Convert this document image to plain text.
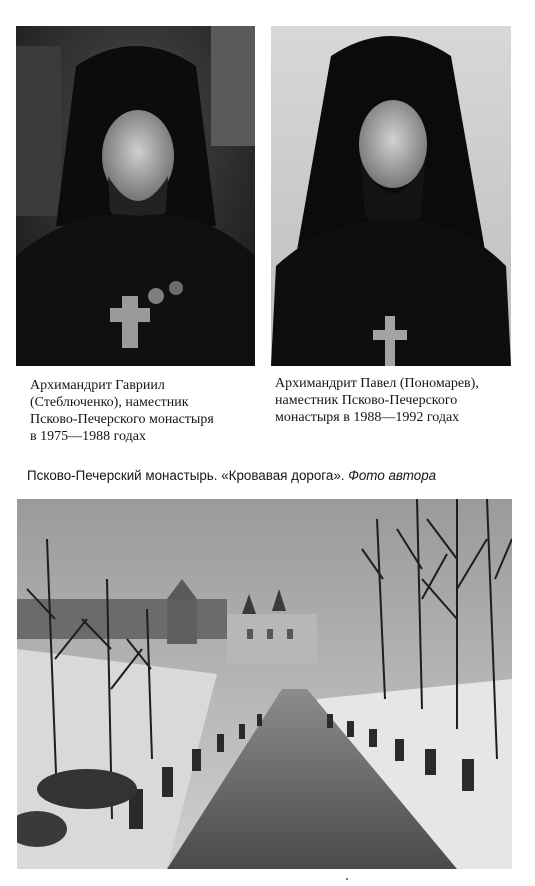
Архимандрит Гавриил
(Стеблюченко), наместник
Псково-Печерского монастыря
в 1975—1988 годах
Архимандрит Павел (Пономарев),
наместник Псково-Печерского
монастыря в 1988—1992 годах
Псково-Печерский монастырь. «Кровавая дорога». Фото автора
